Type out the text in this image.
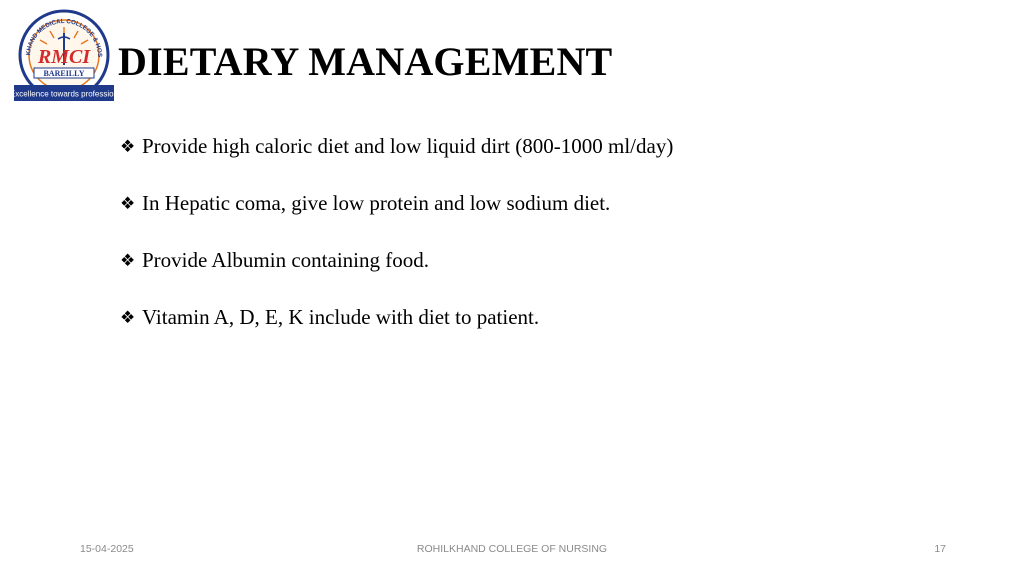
KHAND MEDICAL COLLEGE & HOS
RMCI
BAREILLY
Excellence towards profession
DIETARY MANAGEMENT
❖ Provide high caloric diet and low liquid dirt (800-1000 ml/day)
❖ In Hepatic coma, give low protein and low sodium diet.
❖ Provide Albumin containing food.
❖ Vitamin A, D, E, K include with diet to patient.
15-04-2025	ROHILKHAND COLLEGE OF NURSING	17
